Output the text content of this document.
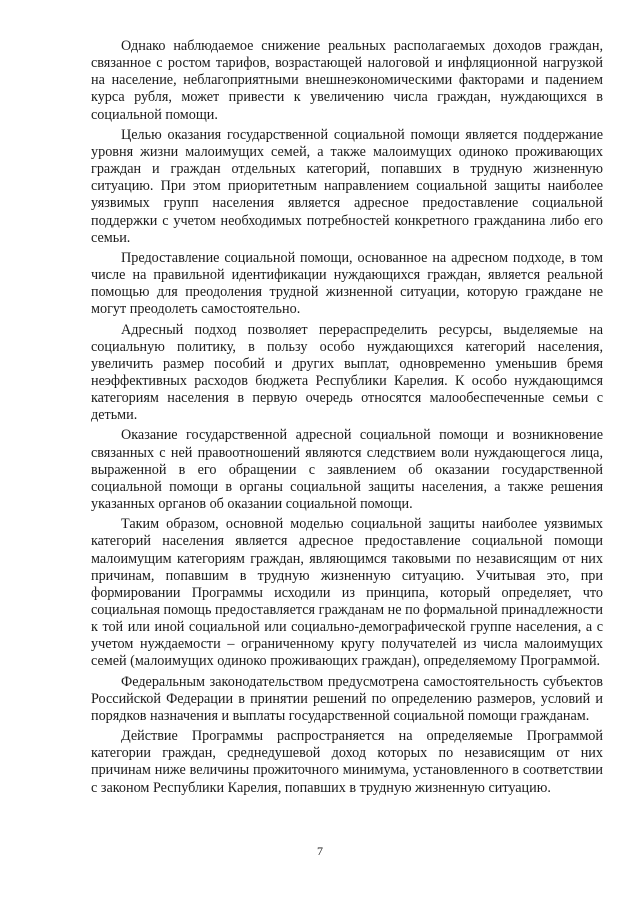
Однако наблюдаемое снижение реальных располагаемых доходов граждан, связанное с ростом тарифов, возрастающей налоговой и инфляционной нагрузкой на население, неблагоприятными внешнеэкономическими факторами и падением курса рубля, может привести к увеличению числа граждан, нуждающихся в социальной помощи.

Целью оказания государственной социальной помощи является поддержание уровня жизни малоимущих семей, а также малоимущих одиноко проживающих граждан и граждан отдельных категорий, попавших в трудную жизненную ситуацию. При этом приоритетным направлением социальной защиты наиболее уязвимых групп населения является адресное предоставление социальной поддержки с учетом необходимых потребностей конкретного гражданина либо его семьи.

Предоставление социальной помощи, основанное на адресном подходе, в том числе на правильной идентификации нуждающихся граждан, является реальной помощью для преодоления трудной жизненной ситуации, которую граждане не могут преодолеть самостоятельно.

Адресный подход позволяет перераспределить ресурсы, выделяемые на социальную политику, в пользу особо нуждающихся категорий населения, увеличить размер пособий и других выплат, одновременно уменьшив бремя неэффективных расходов бюджета Республики Карелия. К особо нуждающимся категориям населения в первую очередь относятся малообеспеченные семьи с детьми.

Оказание государственной адресной социальной помощи и возникновение связанных с ней правоотношений являются следствием воли нуждающегося лица, выраженной в его обращении с заявлением об оказании государственной социальной помощи в органы социальной защиты населения, а также решения указанных органов об оказании социальной помощи.

Таким образом, основной моделью социальной защиты наиболее уязвимых категорий населения является адресное предоставление социальной помощи малоимущим категориям граждан, являющимся таковыми по независящим от них причинам, попавшим в трудную жизненную ситуацию. Учитывая это, при формировании Программы исходили из принципа, который определяет, что социальная помощь предоставляется гражданам не по формальной принадлежности к той или иной социальной или социально-демографической группе населения, а с учетом нуждаемости – ограниченному кругу получателей из числа малоимущих семей (малоимущих одиноко проживающих граждан), определяемому Программой.

Федеральным законодательством предусмотрена самостоятельность субъектов Российской Федерации в принятии решений по определению размеров, условий и порядков назначения и выплаты государственной социальной помощи гражданам.

Действие Программы распространяется на определяемые Программой категории граждан, среднедушевой доход которых по независящим от них причинам ниже величины прожиточного минимума, установленного в соответствии с законом Республики Карелия, попавших в трудную жизненную ситуацию.

7
